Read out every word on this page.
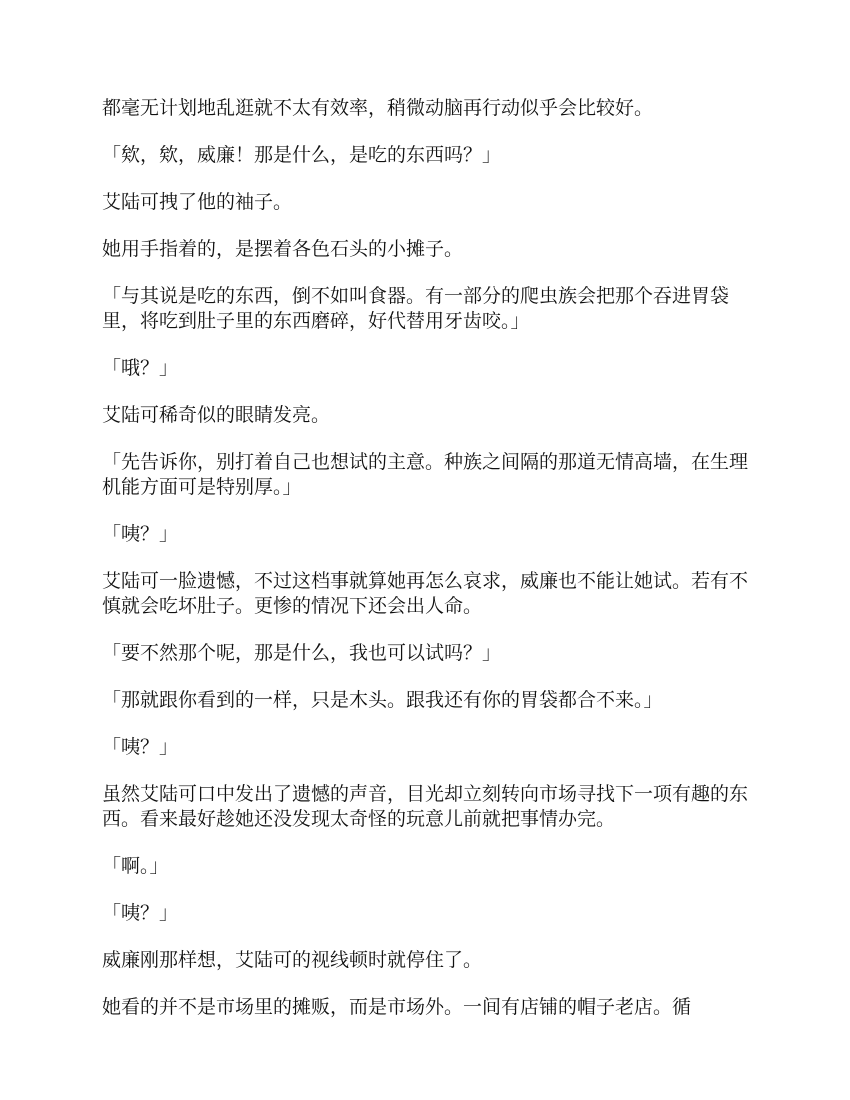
都毫无计划地乱逛就不太有效率，稍微动脑再行动似乎会比较好。

「欸，欸，威廉！那是什么，是吃的东西吗？」

艾陆可拽了他的袖子。

她用手指着的，是摆着各色石头的小摊子。

「与其说是吃的东西，倒不如叫食器。有一部分的爬虫族会把那个吞进胃袋里，将吃到肚子里的东西磨碎，好代替用牙齿咬。」

「哦？」

艾陆可稀奇似的眼睛发亮。

「先告诉你，别打着自己也想试的主意。种族之间隔的那道无情高墙，在生理机能方面可是特别厚。」

「咦？」

艾陆可一脸遗憾，不过这档事就算她再怎么哀求，威廉也不能让她试。若有不慎就会吃坏肚子。更惨的情况下还会出人命。

「要不然那个呢，那是什么，我也可以试吗？」

「那就跟你看到的一样，只是木头。跟我还有你的胃袋都合不来。」

「咦？」

虽然艾陆可口中发出了遗憾的声音，目光却立刻转向市场寻找下一项有趣的东西。看来最好趁她还没发现太奇怪的玩意儿前就把事情办完。

「啊。」

「咦？」

威廉刚那样想，艾陆可的视线顿时就停住了。

她看的并不是市场里的摊贩，而是市场外。一间有店铺的帽子老店。循
